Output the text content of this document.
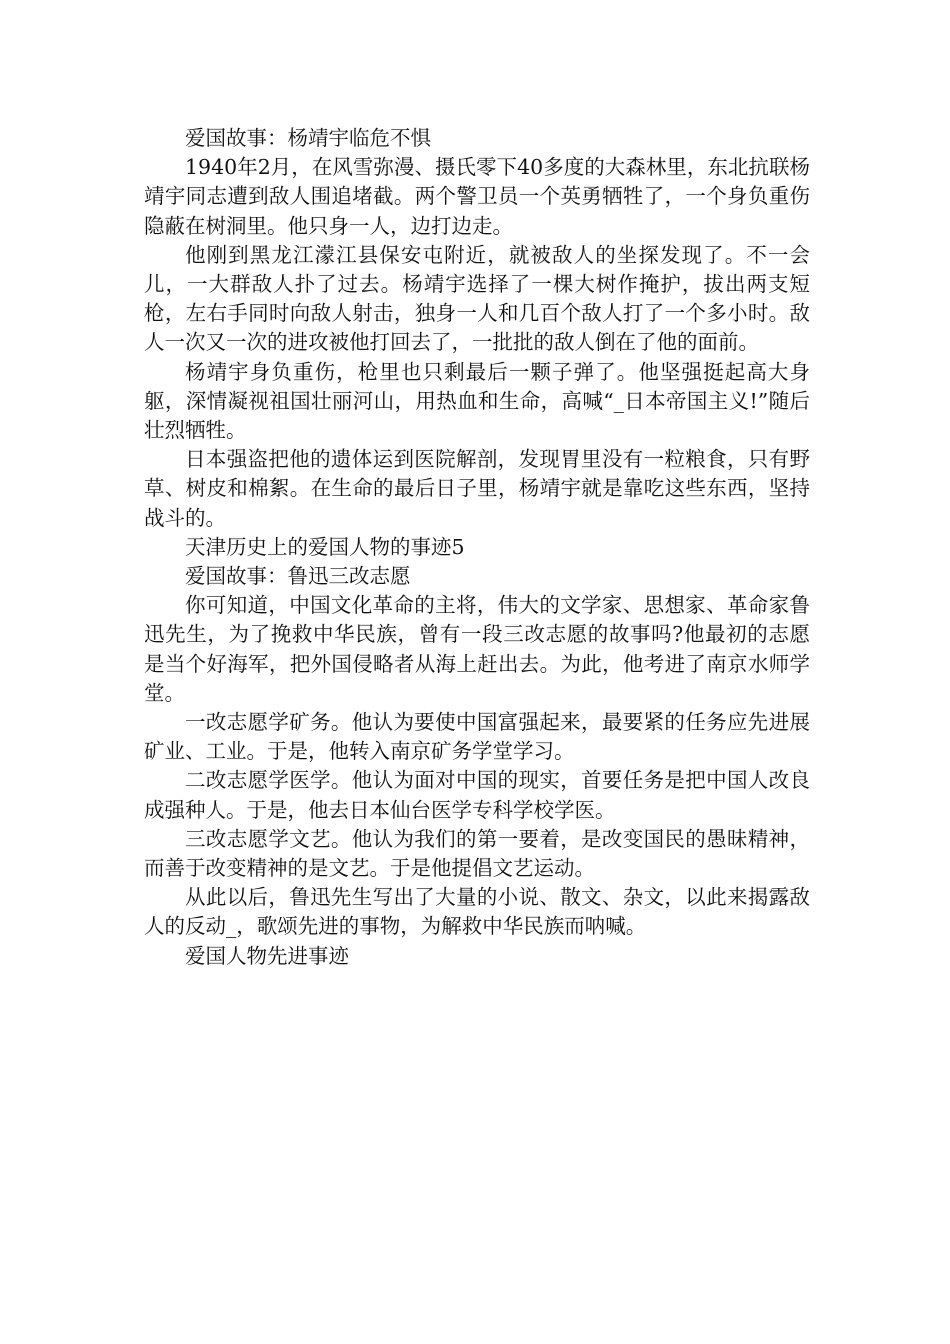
爱国故事：杨靖宇临危不惧

1940年2月，在风雪弥漫、摄氏零下40多度的大森林里，东北抗联杨靖宇同志遭到敌人围追堵截。两个警卫员一个英勇牺牲了，一个身负重伤隐蔽在树洞里。他只身一人，边打边走。

他刚到黑龙江濛江县保安屯附近，就被敌人的坐探发现了。不一会儿，一大群敌人扑了过去。杨靖宇选择了一棵大树作掩护，拔出两支短枪，左右手同时向敌人射击，独身一人和几百个敌人打了一个多小时。敌人一次又一次的进攻被他打回去了，一批批的敌人倒在了他的面前。

杨靖宇身负重伤，枪里也只剩最后一颗子弹了。他坚强挺起高大身躯，深情凝视祖国壮丽河山，用热血和生命，高喊“_日本帝国主义!”随后壮烈牺牲。

日本强盗把他的遗体运到医院解剖，发现胃里没有一粒粮食，只有野草、树皮和棉絮。在生命的最后日子里，杨靖宇就是靠吃这些东西，坚持战斗的。

天津历史上的爱国人物的事迹5

爱国故事：鲁迅三改志愿

你可知道，中国文化革命的主将，伟大的文学家、思想家、革命家鲁迅先生，为了挽救中华民族，曾有一段三改志愿的故事吗?他最初的志愿是当个好海军，把外国侵略者从海上赶出去。为此，他考进了南京水师学堂。

一改志愿学矿务。他认为要使中国富强起来，最要紧的任务应先进展矿业、工业。于是，他转入南京矿务学堂学习。

二改志愿学医学。他认为面对中国的现实，首要任务是把中国人改良成强种人。于是，他去日本仙台医学专科学校学医。

三改志愿学文艺。他认为我们的第一要着，是改变国民的愚昧精神，而善于改变精神的是文艺。于是他提倡文艺运动。

从此以后，鲁迅先生写出了大量的小说、散文、杂文，以此来揭露敌人的反动_，歌颂先进的事物，为解救中华民族而呐喊。

爱国人物先进事迹
